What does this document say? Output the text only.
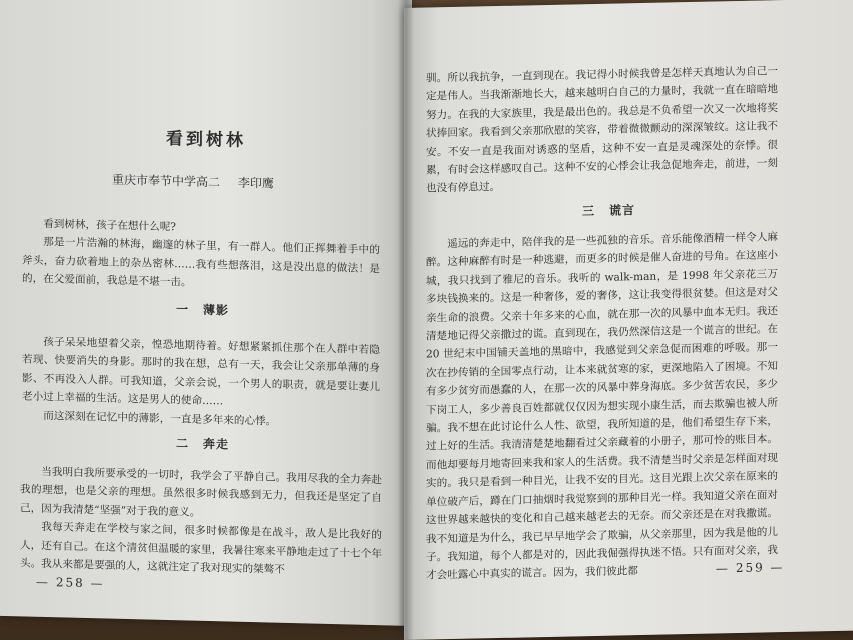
看到树林
重庆市奉节中学高二 李印鹰

看到树林，孩子在想什么呢?

那是一片浩瀚的林海，幽邃的林子里，有一群人。他们正挥舞着手中的斧头，奋力砍着地上的杂丛密林……我有些想落泪，这是没出息的做法！是的，在父爱面前，我总是不堪一击。

一 薄影

孩子呆呆地望着父亲，惶恐地期待着。好想紧紧抓住那个在人群中若隐若现、快要消失的身影。那时的我在想，总有一天，我会让父亲那单薄的身影、不再没入人群。可我知道，父亲会说，一个男人的职责，就是要让妻儿老小过上幸福的生活。这是男人的使命……

而这深刻在记忆中的薄影，一直是多年来的心悸。

二 奔走

当我明白我所要承受的一切时，我学会了平静自己。我用尽我的全力奔赴我的理想，也是父亲的理想。虽然很多时候我感到无力，但我还是坚定了自己，因为我清楚“坚强”对于我的意义。

我每天奔走在学校与家之间，很多时候都像是在战斗，敌人是比我好的人，还有自己。在这个清贫但温暖的家里，我暑往寒来平静地走过了十七个年头。我从来都是要强的人，这就注定了我对现实的桀骜不

— 258 —

驯。所以我抗争，一直到现在。我记得小时候我曾是怎样天真地认为自己一定是伟人。当我渐渐地长大，越来越明白自己的力量时，我就一直在暗暗地努力。在我的大家族里，我是最出色的。我总是不负希望一次又一次地将奖状捧回家。我看到父亲那欣慰的笑容，带着微微颤动的深深皱纹。这让我不安。不安一直是我面对诱惑的坚盾，这种不安一直是灵魂深处的奈悸。很累，有时会这样感叹自己。这种不安的心悸会让我急促地奔走，前进，一刻也没有停息过。

三 谎言

遥远的奔走中，陪伴我的是一些孤独的音乐。音乐能像酒精一样令人麻醉。这种麻醉有时是一种逃避，而更多的时候是催人奋进的号角。在这座小城，我只找到了雅尼的音乐。我听的 walk-man，是 1998 年父亲花三万多块钱换来的。这是一种奢侈，爱的奢侈，这让我变得很贫婪。但这是对父亲生命的浪费。父亲十年多来的心血，就在那一次的风暴中血本无归。我还清楚地记得父亲撒过的谎。直到现在，我仍然深信这是一个谎言的世纪。在 20 世纪末中国铺天盖地的黑暗中，我感觉到父亲急促而困难的呼吸。那一次在抄传销的全国零点行动，让本来就贫寒的家，更深地陷入了困境。不知有多少贫穷而愚蠢的人，在那一次的风暴中葬身海底。多少贫苦农民，多少下岗工人，多少善良百姓都就仅仅因为想实现小康生活，而去欺骗也被人所骗。我不想在此讨论什么人性、欲望，我所知道的是，他们希望生存下来，过上好的生活。我清清楚楚地翻看过父亲藏着的小册子，那可怜的账目本。而他却要每月地寄回来我和家人的生活费。我不清楚当时父亲是怎样面对现实的。我只是看到一种目光，让我不安的目光。这目光跟上次父亲在原来的单位破产后，蹲在门口抽烟时我觉察到的那种目光一样。我知道父亲在面对这世界越来越快的变化和自己越来越老去的无奈。而父亲还是在对我撒谎。我不知道是为什么，我已早早地学会了欺骗，从父亲那里，因为我是他的儿子。我知道，每个人都是对的，因此我倔强得执迷不悟。只有面对父亲，我才会吐露心中真实的谎言。因为，我们彼此都	— 259 —
